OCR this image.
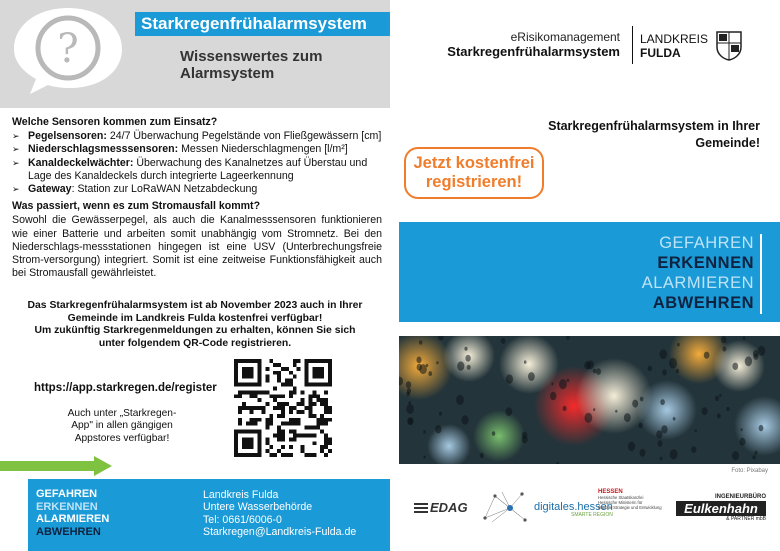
?
Starkregenfrühalarmsystem
Wissenswertes zum
Alarmsystem
Welche Sensoren kommen zum Einsatz?
➢ Pegelsensoren: 24/7 Überwachung Pegelstände von Fließgewässern [cm]
➢ Niederschlagsmesssensoren: Messen Niederschlagmengen [l/m²]
➢ Kanaldeckelwächter: Überwachung des Kanalnetzes auf Überstau und Lage des Kanaldeckels durch integrierte Lageerkennung
➢ Gateway: Station zur LoRaWAN Netzabdeckung
Was passiert, wenn es zum Stromausfall kommt?
Sowohl die Gewässerpegel, als auch die Kanalmesssensoren funktionieren wie einer Batterie und arbeiten somit unabhängig vom Stromnetz. Bei den Niederschlags-messstationen hingegen ist eine USV (Unterbrechungsfreie Strom-versorgung) integriert. Somit ist eine zeitweise Funktionsfähigkeit auch bei Stromausfall gewährleistet.
Das Starkregenfrühalarmsystem ist ab November 2023 auch in Ihrer
Gemeinde im Landkreis Fulda kostenfrei verfügbar!
Um zukünftig Starkregenmeldungen zu erhalten, können Sie sich
unter folgendem QR-Code registrieren.
https://app.starkregen.de/register
Auch unter „Starkregen-
App" in allen gängigen
Appstores verfügbar!
GEFAHREN
ERKENNEN
ALARMIEREN
ABWEHREN
Landkreis Fulda
Untere Wasserbehörde
Tel: 0661/6006-0
Starkregen@Landkreis-Fulda.de
eRisikomanagement
Starkregenfrühalarmsystem
LANDKREIS
FULDA
Starkregenfrühalarmsystem in Ihrer
Gemeinde!
Jetzt kostenfrei
registrieren!
GEFAHREN
ERKENNEN
ALARMIEREN
ABWEHREN
Foto: Pixabay
EDAG	digitales.hessen
SMARTE REGION
HESSEN
Hessische Staatskanzlei
Hessische Ministerin für
Digitale Strategie und Entwicklung
INGENIEURBÜRO
Eulkenhahn
& PARTNER mbB
